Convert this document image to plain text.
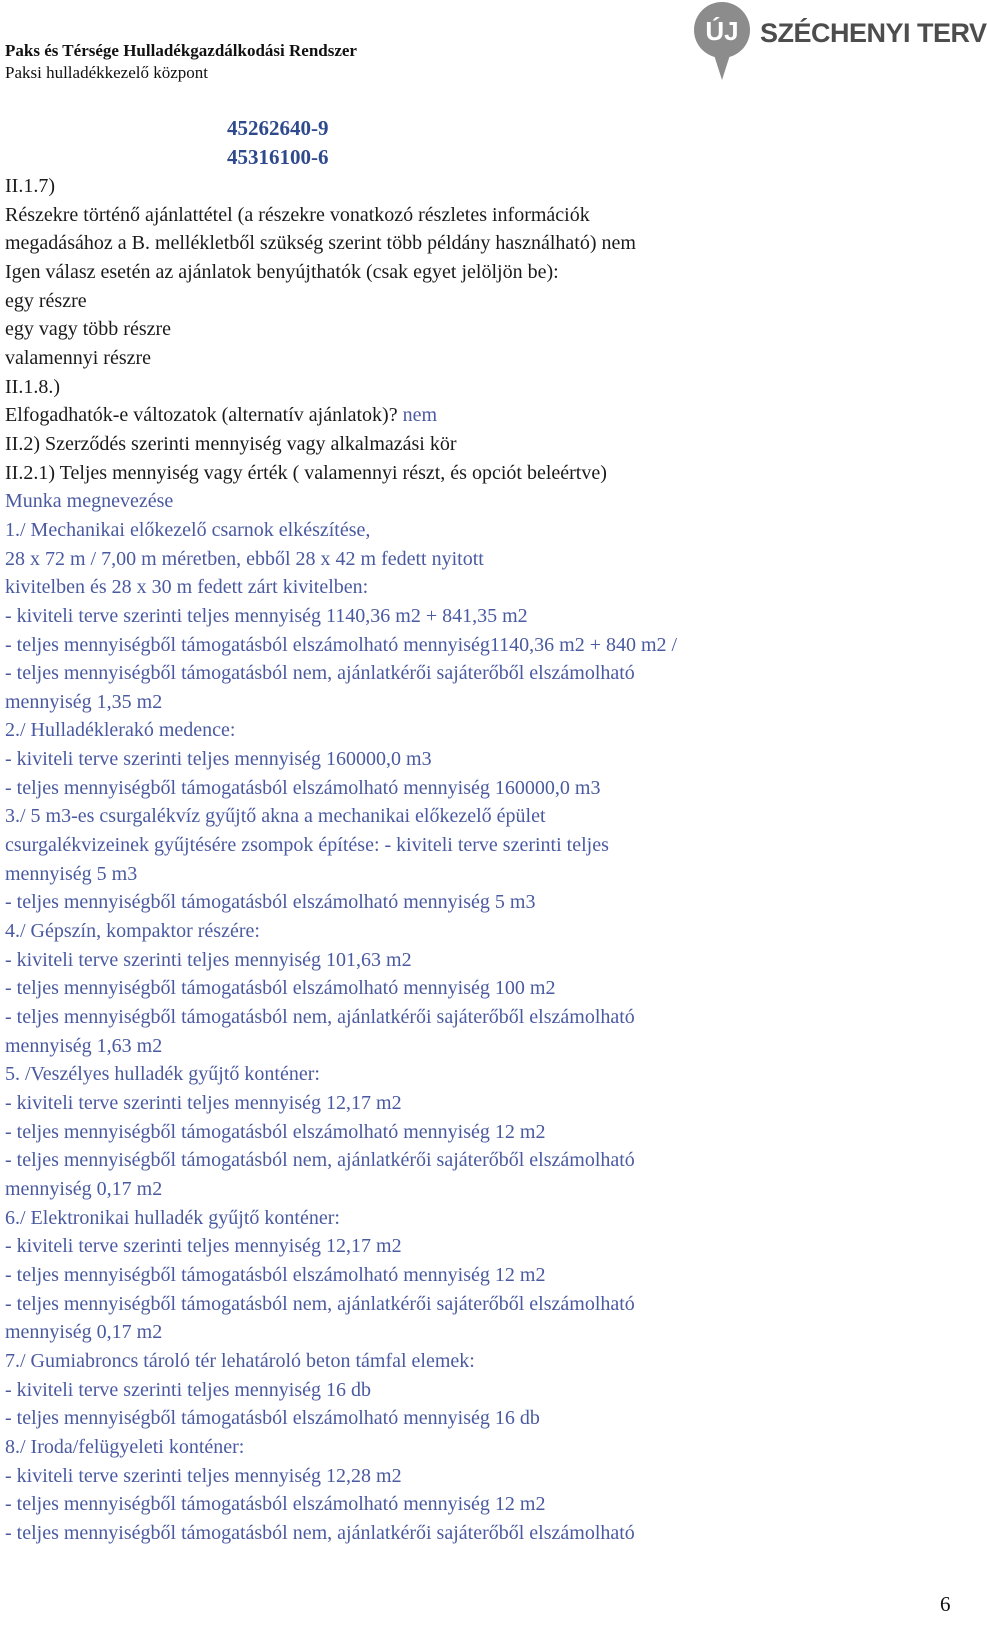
Paks és Térsége Hulladékgazdálkodási Rendszer
Paksi hulladékkezelő központ
ÚJ SZÉCHENYI TERV
45262640-9
45316100-6
II.1.7)
Részekre történő ajánlattétel (a részekre vonatkozó részletes információk
megadásához a B. mellékletből szükség szerint több példány használható) nem
Igen válasz esetén az ajánlatok benyújthatók (csak egyet jelöljön be):
egy részre
egy vagy több részre
valamennyi részre
II.1.8.)
Elfogadhatók-e változatok (alternatív ajánlatok)? nem
II.2) Szerződés szerinti mennyiség vagy alkalmazási kör
II.2.1) Teljes mennyiség vagy érték ( valamennyi részt, és opciót beleértve)
Munka megnevezése
1./ Mechanikai előkezelő csarnok elkészítése,
28 x 72 m / 7,00 m méretben, ebből 28 x 42 m fedett nyitott
kivitelben és 28 x 30 m fedett zárt kivitelben:
- kiviteli terve szerinti teljes mennyiség 1140,36 m2 + 841,35 m2
- teljes mennyiségből támogatásból elszámolható mennyiség1140,36 m2 + 840 m2 /
- teljes mennyiségből támogatásból nem, ajánlatkérői sajáterőből elszámolható
mennyiség 1,35 m2
2./ Hulladéklerakó medence:
- kiviteli terve szerinti teljes mennyiség 160000,0 m3
- teljes mennyiségből támogatásból elszámolható mennyiség 160000,0 m3
3./ 5 m3-es csurgalékvíz gyűjtő akna a mechanikai előkezelő épület
csurgalékvizeinek gyűjtésére zsompok építése: - kiviteli terve szerinti teljes
mennyiség 5 m3
- teljes mennyiségből támogatásból elszámolható mennyiség 5 m3
4./ Gépszín, kompaktor részére:
- kiviteli terve szerinti teljes mennyiség 101,63 m2
- teljes mennyiségből támogatásból elszámolható mennyiség 100 m2
- teljes mennyiségből támogatásból nem, ajánlatkérői sajáterőből elszámolható
mennyiség 1,63 m2
5. /Veszélyes hulladék gyűjtő konténer:
- kiviteli terve szerinti teljes mennyiség 12,17 m2
- teljes mennyiségből támogatásból elszámolható mennyiség 12 m2
- teljes mennyiségből támogatásból nem, ajánlatkérői sajáterőből elszámolható
mennyiség 0,17 m2
6./ Elektronikai hulladék gyűjtő konténer:
- kiviteli terve szerinti teljes mennyiség 12,17 m2
- teljes mennyiségből támogatásból elszámolható mennyiség 12 m2
- teljes mennyiségből támogatásból nem, ajánlatkérői sajáterőből elszámolható
mennyiség 0,17 m2
7./ Gumiabroncs tároló tér lehatároló beton támfal elemek:
- kiviteli terve szerinti teljes mennyiség 16 db
- teljes mennyiségből támogatásból elszámolható mennyiség 16 db
8./ Iroda/felügyeleti konténer:
- kiviteli terve szerinti teljes mennyiség 12,28 m2
- teljes mennyiségből támogatásból elszámolható mennyiség 12 m2
- teljes mennyiségből támogatásból nem, ajánlatkérői sajáterőből elszámolható
6
